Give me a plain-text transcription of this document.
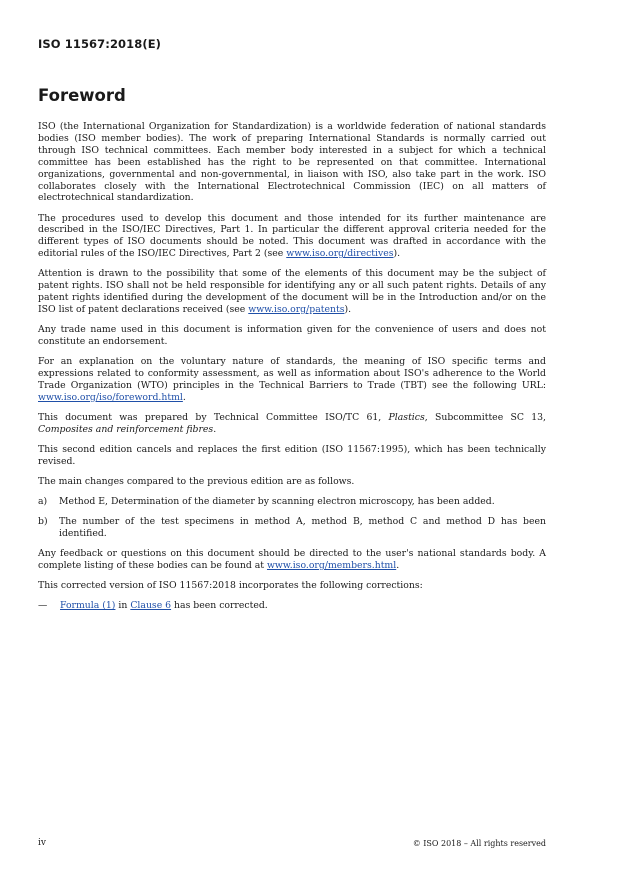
ISO 11567:2018(E)
Foreword

ISO (the International Organization for Standardization) is a worldwide federation of national standards bodies (ISO member bodies). The work of preparing International Standards is normally carried out through ISO technical committees. Each member body interested in a subject for which a technical committee has been established has the right to be represented on that committee. International organizations, governmental and non-governmental, in liaison with ISO, also take part in the work. ISO collaborates closely with the International Electrotechnical Commission (IEC) on all matters of electrotechnical standardization.

The procedures used to develop this document and those intended for its further maintenance are described in the ISO/IEC Directives, Part 1. In particular the different approval criteria needed for the different types of ISO documents should be noted. This document was drafted in accordance with the editorial rules of the ISO/IEC Directives, Part 2 (see www.iso.org/directives).

Attention is drawn to the possibility that some of the elements of this document may be the subject of patent rights. ISO shall not be held responsible for identifying any or all such patent rights. Details of any patent rights identified during the development of the document will be in the Introduction and/or on the ISO list of patent declarations received (see www.iso.org/patents).

Any trade name used in this document is information given for the convenience of users and does not constitute an endorsement.

For an explanation on the voluntary nature of standards, the meaning of ISO specific terms and expressions related to conformity assessment, as well as information about ISO's adherence to the World Trade Organization (WTO) principles in the Technical Barriers to Trade (TBT) see the following URL: www.iso.org/iso/foreword.html.

This document was prepared by Technical Committee ISO/TC 61, Plastics, Subcommittee SC 13, Composites and reinforcement fibres.

This second edition cancels and replaces the first edition (ISO 11567:1995), which has been technically revised.

The main changes compared to the previous edition are as follows.

a)	Method E, Determination of the diameter by scanning electron microscopy, has been added.
b)	The number of the test specimens in method A, method B, method C and method D has been identified.

Any feedback or questions on this document should be directed to the user's national standards body. A complete listing of these bodies can be found at www.iso.org/members.html.

This corrected version of ISO 11567:2018 incorporates the following corrections:

—	Formula (1) in Clause 6 has been corrected.
iv	© ISO 2018 – All rights reserved
